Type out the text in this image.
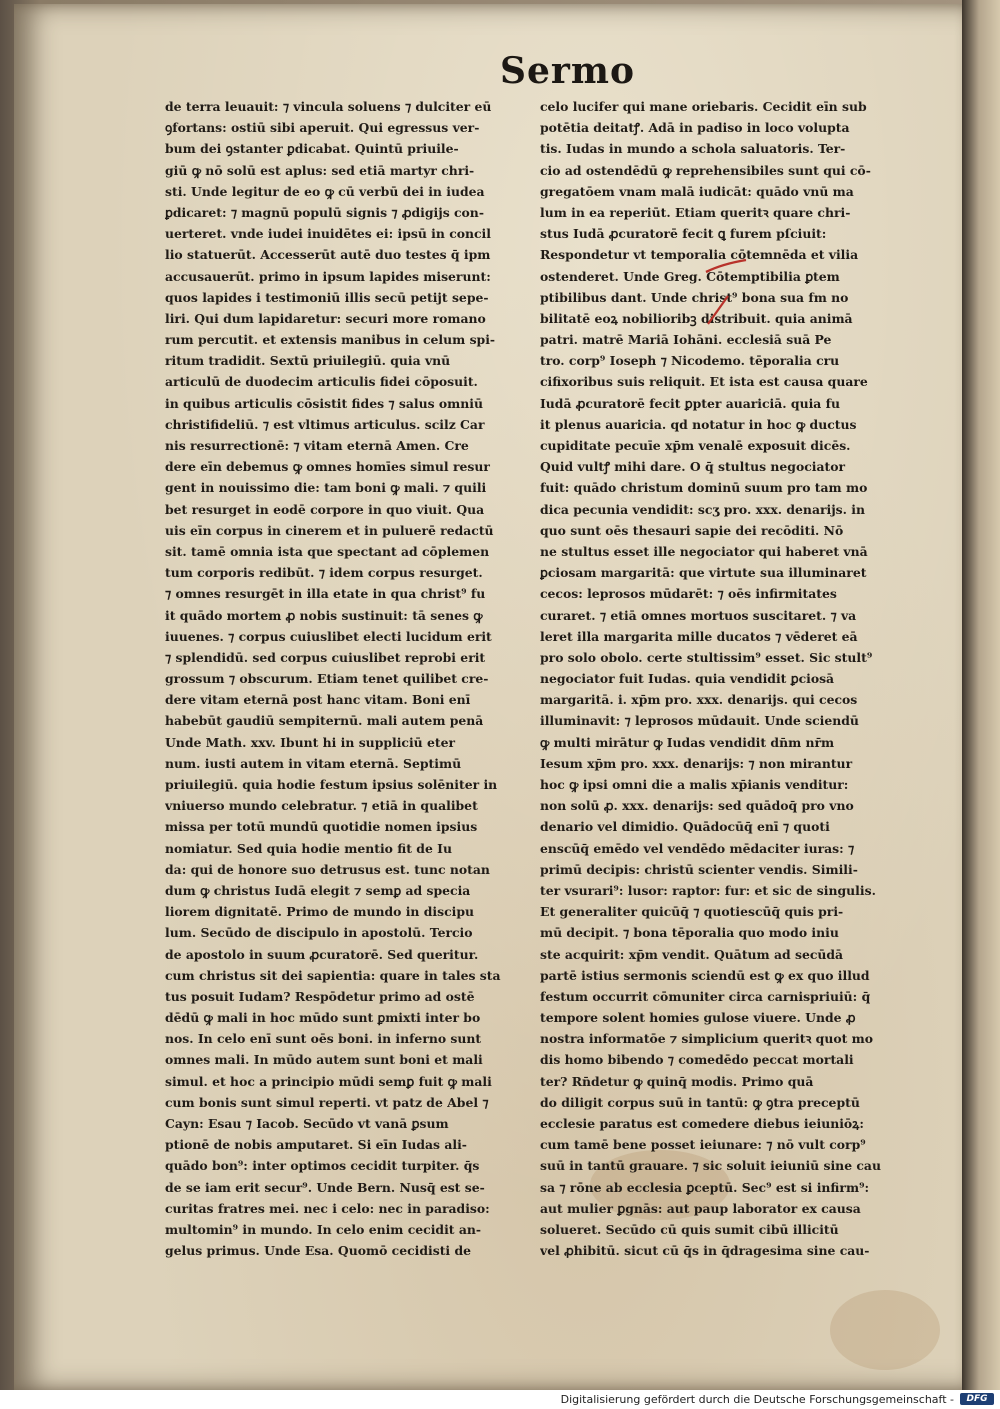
Sermo
de terra leuauit: ⁊ vincula soluens ⁊ dulciter eū
ꝯfortans: ostiū sibi aperuit. Qui egressus ver-
bum dei ꝯstanter ꝑdicabat. Quintū priuile-
giū ꝙ nō solū est aplus: sed etiā martyr chri-
sti. Unde legitur de eo ꝙ cū verbū dei in iudea
ꝑdicaret: ⁊ magnū populū signis ⁊ ꝓdigijs con-
uerteret. vnde iudei inuidētes ei: ipsū in concil
lio statuerūt. Accesserūt autē duo testes q̄ ipm
accusauerūt. primo in ipsum lapides miserunt:
quos lapides i testimoniū illis secū petijt sepe-
liri. Qui dum lapidaretur: securi more romano
rum percutit. et extensis manibus in celum spi-
ritum tradidit. Sextū priuilegiū. quia vnū
articulū de duodecim articulis fidei cōposuit.
in quibus articulis cōsistit fides ⁊ salus omniū
christifideliū. ⁊ est vltimus articulus. scilz Car
nis resurrectionē: ⁊ vitam eternā Amen. Cre
dere eīn debemus ꝙ omnes homīes simul resur
gent in nouissimo die: tam boni ꝙ mali. ⁊ quili
bet resurget in eodē corpore in quo viuit. Qua
uis eīn corpus in cinerem et in puluerē redactū
sit. tamē omnia ista que spectant ad cōplemen
tum corporis redibūt. ⁊ idem corpus resurget.
⁊ omnes resurgēt in illa etate in qua christ⁹ fu
it quādo mortem ꝓ nobis sustinuit: tā senes ꝙ
iuuenes. ⁊ corpus cuiuslibet electi lucidum erit
⁊ splendidū. sed corpus cuiuslibet reprobi erit
grossum ⁊ obscurum. Etiam tenet quilibet cre-
dere vitam eternā post hanc vitam. Boni enī
habebūt gaudiū sempiternū. mali autem penā
Unde Math. xxv. Ibunt hi in suppliciū eter
num. iusti autem in vitam eternā. Septimū
priuilegiū. quia hodie festum ipsius solēniter in
vniuerso mundo celebratur. ⁊ etiā in qualibet
missa per totū mundū quotidie nomen ipsius
nomiatur. Sed quia hodie mentio fit de Iu
da: qui de honore suo detrusus est. tunc notan
dum ꝙ christus Iudā elegit ⁊ semꝑ ad specia
liorem dignitatē. Primo de mundo in discipu
lum. Secūdo de discipulo in apostolū. Tercio
de apostolo in suum ꝓcuratorē. Sed queritur.
cum christus sit dei sapientia: quare in tales sta
tus posuit Iudam? Respōdetur primo ad ostē
dēdū ꝙ mali in hoc mūdo sunt ꝑmixti inter bo
nos. In celo enī sunt oēs boni. in inferno sunt
omnes mali. In mūdo autem sunt boni et mali
simul. et hoc a principio mūdi semꝑ fuit ꝙ mali
cum bonis sunt simul reperti. vt patz de Abel ⁊
Cayn: Esau ⁊ Iacob. Secūdo vt vanā ꝑsum
ptionē de nobis amputaret. Si eīn Iudas ali-
quādo bon⁹: inter optimos cecidit turpiter. q̄s
de se iam erit secur⁹. Unde Bern. Nusq̄ est se-
curitas fratres mei. nec i celo: nec in paradiso:
multomin⁹ in mundo. In celo enim cecidit an-
gelus primus. Unde Esa. Quomō cecidisti de
celo lucifer qui mane oriebaris. Cecidit eīn sub
potētia deitatꝭ. Adā in padiso in loco volupta
tis. Iudas in mundo a schola saluatoris. Ter-
cio ad ostendēdū ꝙ reprehensibiles sunt qui cō-
gregatōem vnam malā iudicāt: quādo vnū ma
lum in ea reperiūt. Etiam queritꝛ quare chri-
stus Iudā ꝓcuratorē fecit ꝗ furem pſciuit:
Respondetur vt temporalia cōtemnēda et vilia
ostenderet. Unde Greg. Cōtemptibilia ꝑtem
ptibilibus dant. Unde christ⁹ bona sua fm no
bilitatē eoꝝ nobilioribꝫ distribuit. quia animā
patri. matrē Mariā Iohāni. ecclesiā suā Pe
tro. corp⁹ Ioseph ⁊ Nicodemo. tēporalia cru
cifixoribus suis reliquit. Et ista est causa quare
Iudā ꝓcuratorē fecit ꝑpter auariciā. quia fu
it plenus auaricia. qd notatur in hoc ꝙ ductus
cupiditate pecuīe xp̄m venalē exposuit dicēs.
Quid vultꝭ mihi dare. O q̄ stultus negociator
fuit: quādo christum dominū suum pro tam mo
dica pecunia vendidit: scʒ pro. xxx. denarijs. in
quo sunt oēs thesauri sapie dei recōditi. Nō
ne stultus esset ille negociator qui haberet vnā
ꝑciosam margaritā: que virtute sua illuminaret
cecos: leprosos mūdarēt: ⁊ oēs infirmitates
curaret. ⁊ etiā omnes mortuos suscitaret. ⁊ va
leret illa margarita mille ducatos ⁊ vēderet eā
pro solo obolo. certe stultissim⁹ esset. Sic stult⁹
negociator fuit Iudas. quia vendidit ꝑciosā
margaritā. i. xp̄m pro. xxx. denarijs. qui cecos
illuminavit: ⁊ leprosos mūdauit. Unde sciendū
ꝙ multi mirātur ꝙ Iudas vendidit dn̄m nr̄m
Iesum xp̄m pro. xxx. denarijs: ⁊ non mirantur
hoc ꝙ ipsi omni die a malis xp̄ianis venditur:
non solū ꝓ. xxx. denarijs: sed quādoq̄ pro vno
denario vel dimidio. Quādocūq̄ enī ⁊ quoti
enscūq̄ emēdo vel vendēdo mēdaciter iuras: ⁊
primū decipis: christū scienter vendis. Simili-
ter vsurari⁹: lusor: raptor: fur: et sic de singulis.
Et generaliter quicūq̄ ⁊ quotiescūq̄ quis pri-
mū decipit. ⁊ bona tēporalia quo modo iniu
ste acquirit: xp̄m vendit. Quātum ad secūdā
partē istius sermonis sciendū est ꝙ ex quo illud
festum occurrit cōmuniter circa carnispriuiū: q̄
tempore solent homies gulose viuere. Unde ꝓ
nostra informatōe ⁊ simplicium queritꝛ quot mo
dis homo bibendo ⁊ comedēdo peccat mortali
ter? Rn̄detur ꝙ quinq̄ modis. Primo quā
do diligit corpus suū in tantū: ꝙ ꝯtra preceptū
ecclesie paratus est comedere diebus ieiuniōꝝ:
cum tamē bene posset ieiunare: ⁊ nō vult corp⁹
suū in tantū grauare. ⁊ sic soluit ieiuniū sine cau
sa ⁊ rōne ab ecclesia ꝑceptū. Sec⁹ est si infirm⁹:
aut mulier ꝑgnās: aut paup laborator ex causa
solueret. Secūdo cū quis sumit cibū illicitū
vel ꝓhibitū. sicut cū q̄s in q̄dragesima sine cau-
Digitalisierung gefördert durch die Deutsche Forschungsgemeinschaft -	DFG
